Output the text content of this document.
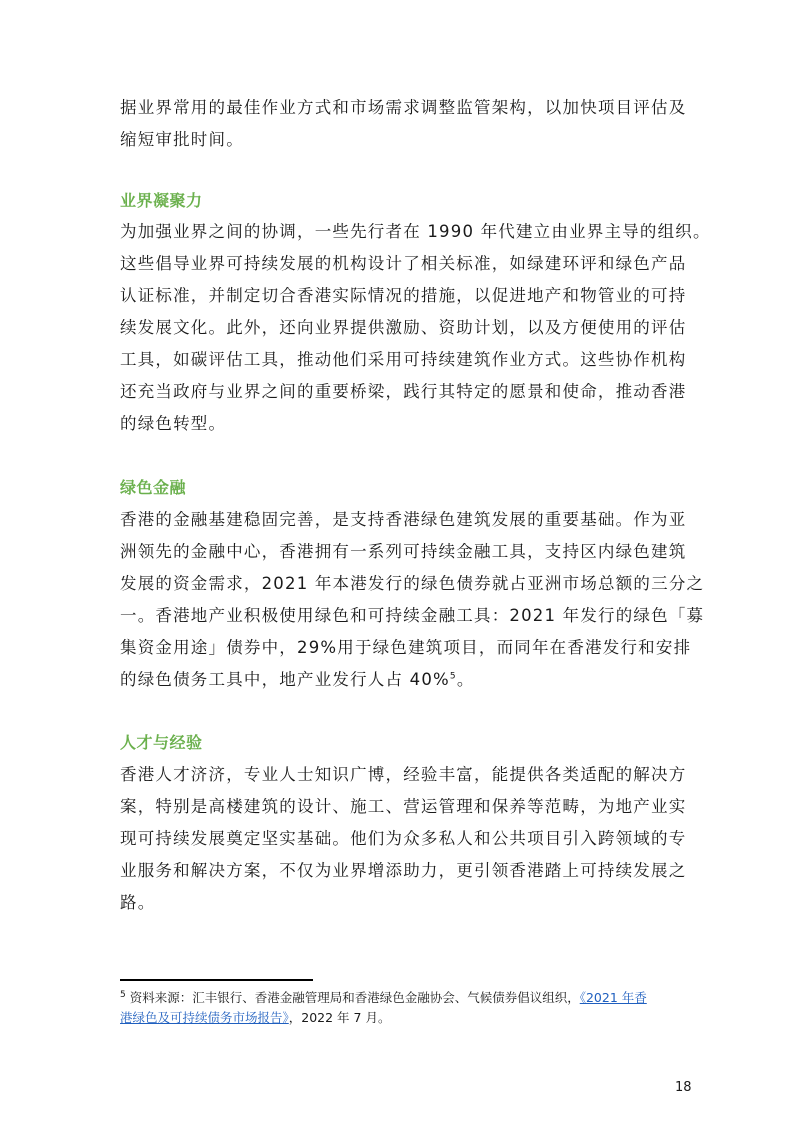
据业界常用的最佳作业方式和市场需求调整监管架构，以加快项目评估及
缩短审批时间。
业界凝聚力
为加强业界之间的协调，一些先行者在 1990 年代建立由业界主导的组织。
这些倡导业界可持续发展的机构设计了相关标准，如绿建环评和绿色产品
认证标准，并制定切合香港实际情况的措施，以促进地产和物管业的可持
续发展文化。此外，还向业界提供激励、资助计划，以及方便使用的评估
工具，如碳评估工具，推动他们采用可持续建筑作业方式。这些协作机构
还充当政府与业界之间的重要桥梁，践行其特定的愿景和使命，推动香港
的绿色转型。
绿色金融
香港的金融基建稳固完善，是支持香港绿色建筑发展的重要基础。作为亚
洲领先的金融中心，香港拥有一系列可持续金融工具，支持区内绿色建筑
发展的资金需求，2021 年本港发行的绿色债券就占亚洲市场总额的三分之
一。香港地产业积极使用绿色和可持续金融工具：2021 年发行的绿色「募
集资金用途」债券中，29%用于绿色建筑项目，而同年在香港发行和安排
的绿色债务工具中，地产业发行人占 40%$^5$。
人才与经验
香港人才济济，专业人士知识广博，经验丰富，能提供各类适配的解决方
案，特别是高楼建筑的设计、施工、营运管理和保养等范畴，为地产业实
现可持续发展奠定坚实基础。他们为众多私人和公共项目引入跨领域的专
业服务和解决方案，不仅为业界增添助力，更引领香港踏上可持续发展之
路。
$^5$ 资料来源：汇丰银行、香港金融管理局和香港绿色金融协会、气候债券倡议组织，《2021 年香
港绿色及可持续债务市场报告》，2022 年 7 月。
18
